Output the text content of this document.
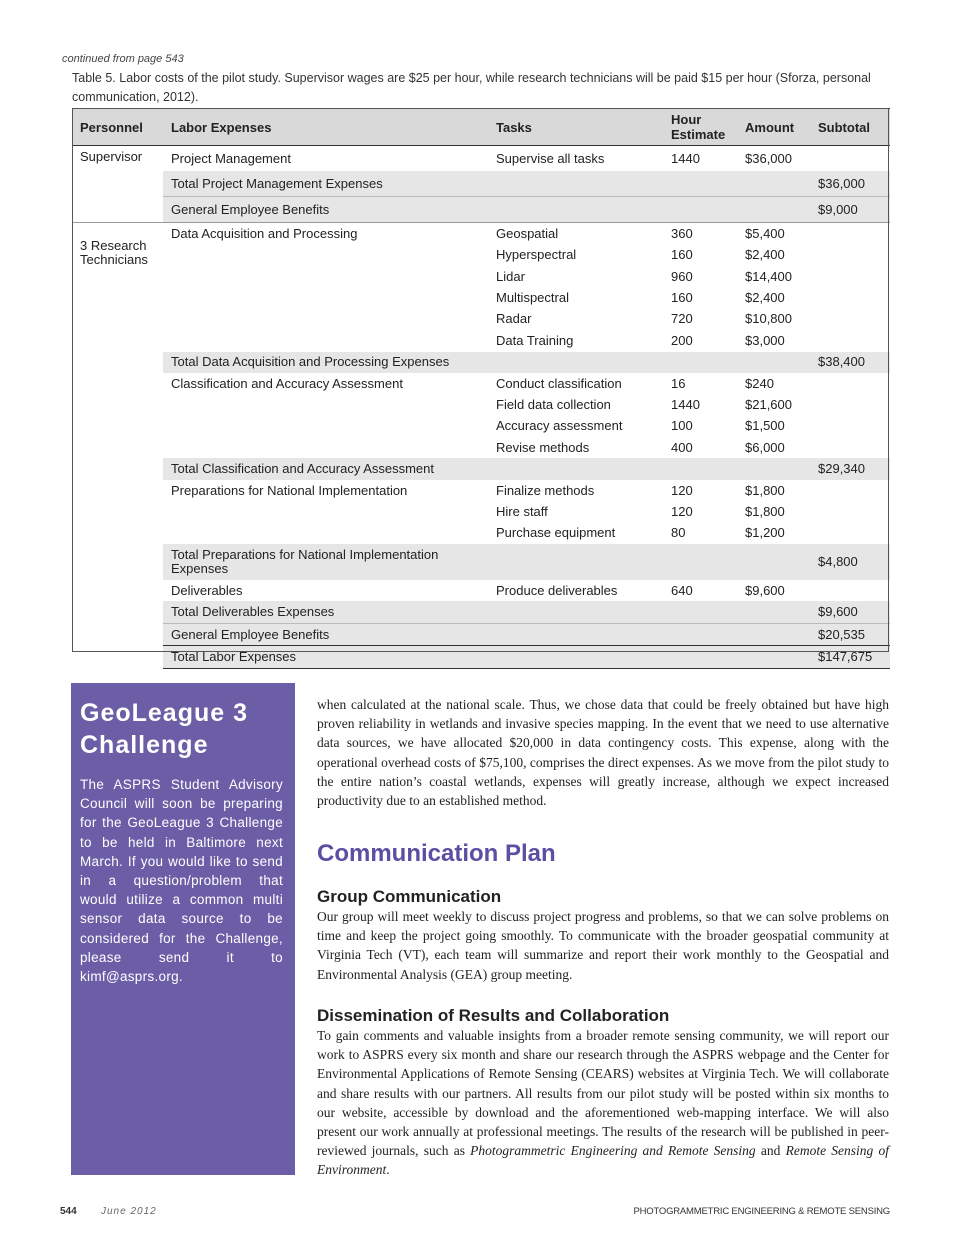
continued from page 543

Table 5. Labor costs of the pilot study. Supervisor wages are $25 per hour, while research technicians will be paid $15 per hour (Sforza, personal communication, 2012).

Personnel	Labor Expenses	Tasks	Hour Estimate	Amount	Subtotal
Supervisor	Project Management	Supervise all tasks	1440	$36,000	
	Total Project Management Expenses				$36,000
	General Employee Benefits				$9,000
3 Research Technicians	Data Acquisition and Processing	Geospatial	360	$5,400	
		Hyperspectral	160	$2,400	
		Lidar	960	$14,400	
		Multispectral	160	$2,400	
		Radar	720	$10,800	
		Data Training	200	$3,000	
	Total Data Acquisition and Processing Expenses				$38,400
	Classification and Accuracy Assessment	Conduct classification	16	$240	
		Field data collection	1440	$21,600	
		Accuracy assessment	100	$1,500	
		Revise methods	400	$6,000	
	Total Classification and Accuracy Assessment				$29,340
	Preparations for National Implementation	Finalize methods	120	$1,800	
		Hire staff	120	$1,800	
		Purchase equipment	80	$1,200	
	Total Preparations for National Implementation Expenses				$4,800
	Deliverables	Produce deliverables	640	$9,600	
	Total Deliverables Expenses				$9,600
	General Employee Benefits				$20,535
	Total Labor Expenses				$147,675
GeoLeague 3 Challenge

The ASPRS Student Advisory Council will soon be preparing for the GeoLeague 3 Challenge to be held in Baltimore next March. If you would like to send in a question/problem that would utilize a common multi sensor data source to be considered for the Challenge, please send it to kimf@asprs.org.

when calculated at the national scale. Thus, we chose data that could be freely obtained but have high proven reliability in wetlands and invasive species mapping. In the event that we need to use alternative data sources, we have allocated $20,000 in data contingency costs. This expense, along with the operational overhead costs of $75,100, comprises the direct expenses. As we move from the pilot study to the entire nation’s coastal wetlands, expenses will greatly increase, although we expect increased productivity due to an established method.

Communication Plan
Group Communication

Our group will meet weekly to discuss project progress and problems, so that we can solve problems on time and keep the project going smoothly. To communicate with the broader geospatial community at Virginia Tech (VT), each team will summarize and report their work monthly to the Geospatial and Environmental Analysis (GEA) group meeting.

Dissemination of Results and Collaboration

To gain comments and valuable insights from a broader remote sensing community, we will report our work to ASPRS every six month and share our research through the ASPRS webpage and the Center for Environmental Applications of Remote Sensing (CEARS) websites at Virginia Tech. We will collaborate and share results with our partners. All results from our pilot study will be posted within six months to our website, accessible by download and the aforementioned web-mapping interface. We will also present our work annually at professional meetings. The results of the research will be published in peer-reviewed journals, such as Photogrammetric Engineering and Remote Sensing and Remote Sensing of Environment.

544 June 2012	PHOTOGRAMMETRIC ENGINEERING & REMOTE SENSING
